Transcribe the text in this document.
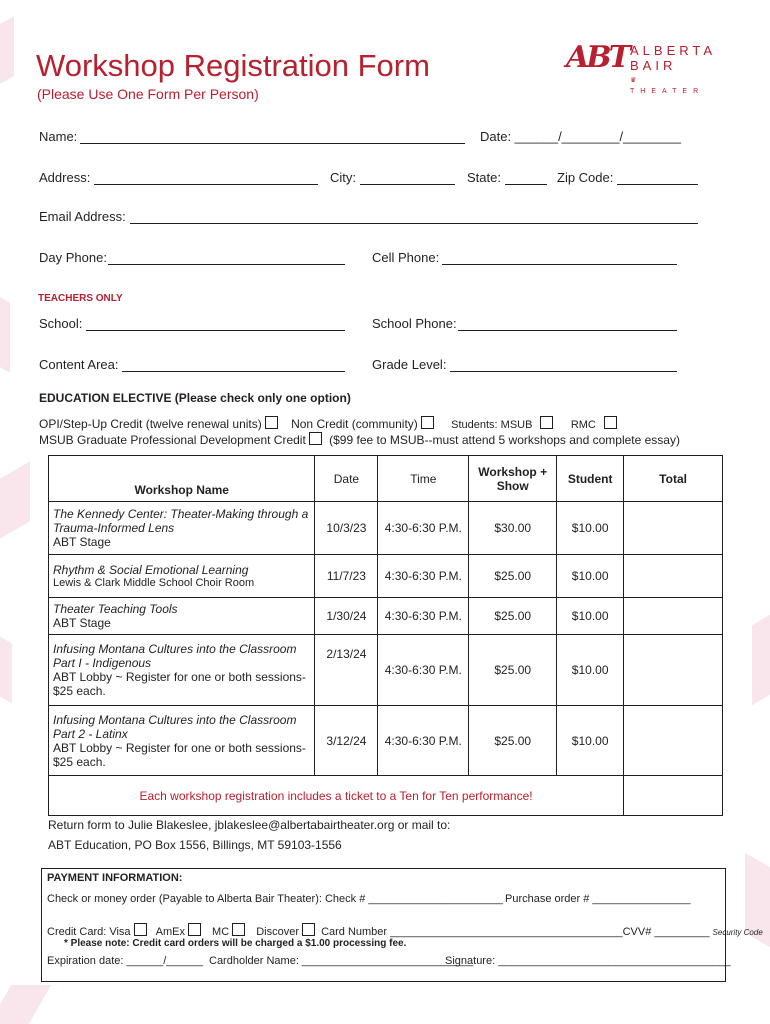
Workshop Registration Form
(Please Use One Form Per Person)
ABT ALBERTA
BAIR
♛
THEATER
Name:	Date: ______/________/________
Address:	City:	State:	Zip Code:
Email Address:
Day Phone:	Cell Phone:
TEACHERS ONLY
School:	School Phone:
Content Area:	Grade Level:
EDUCATION ELECTIVE (Please check only one option)
OPI/Step-Up Credit (twelve renewal units) Non Credit (community)	Students: MSUB	RMC
MSUB Graduate Professional Development Credit ($99 fee to MSUB--must attend 5 workshops and complete essay)
Workshop Name	Date	Time	Workshop + Show	Student	Total

The Kennedy Center: Theater-Making through a Trauma-Informed Lens
ABT Stage	10/3/23	4:30-6:30 P.M.	$30.00	$10.00	

Rhythm & Social Emotional Learning
Lewis & Clark Middle School Choir Room	11/7/23	4:30-6:30 P.M.	$25.00	$10.00	

Theater Teaching Tools
ABT Stage	1/30/24	4:30-6:30 P.M.	$25.00	$10.00	

Infusing Montana Cultures into the Classroom Part I - Indigenous
ABT Lobby ~ Register for one or both sessions- $25 each.	2/13/24	4:30-6:30 P.M.	$25.00	$10.00	

Infusing Montana Cultures into the Classroom Part 2 - Latinx
ABT Lobby ~ Register for one or both sessions- $25 each.	3/12/24	4:30-6:30 P.M.	$25.00	$10.00	
Each workshop registration includes a ticket to a Ten for Ten performance!					
Return form to Julie Blakeslee, jblakeslee@albertabairtheater.org or mail to:
ABT Education, PO Box 1556, Billings, MT 59103-1556
PAYMENT INFORMATION:
Check or money order (Payable to Alberta Bair Theater): Check # ______________________ Purchase order # ________________
Credit Card: Visa AmEx MC Discover Card Number ______________________________________CVV# _________ Security Code
* Please note: Credit card orders will be charged a $1.00 processing fee.
Expiration date: ______/______ Cardholder Name: ____________________________
Signature: ______________________________________
